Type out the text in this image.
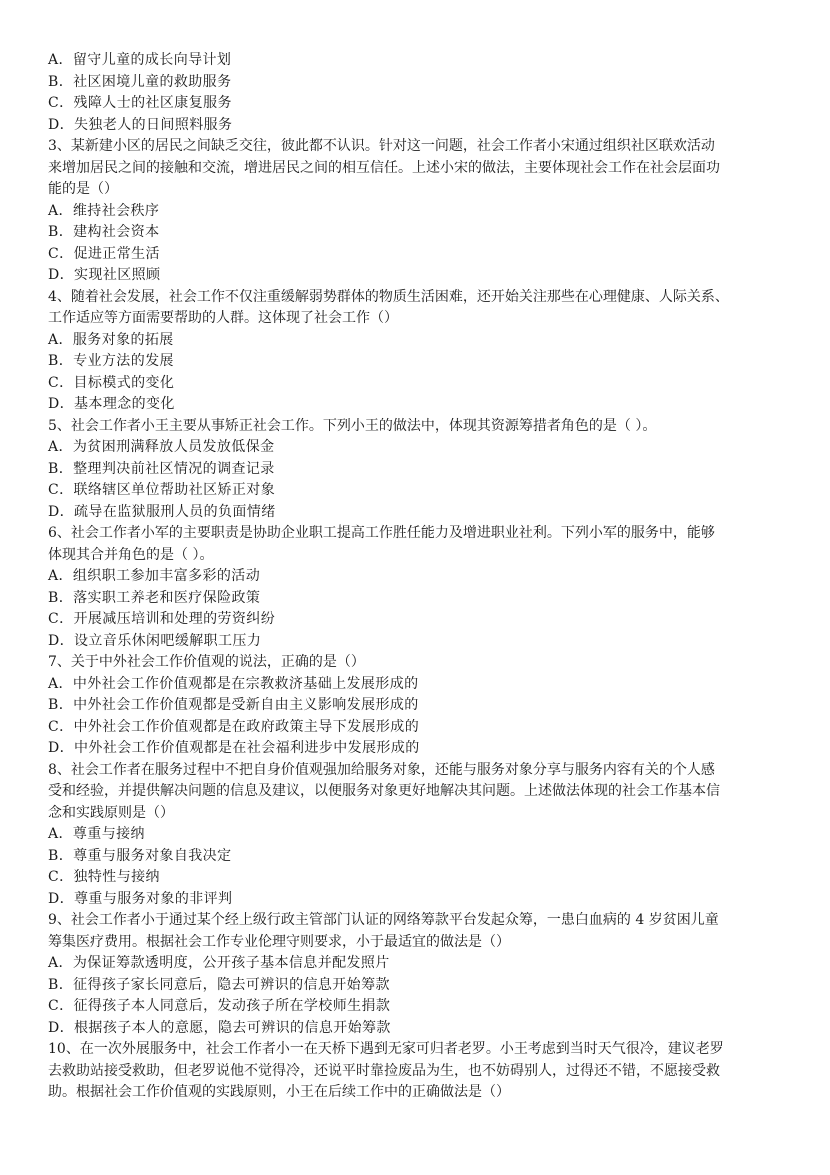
A．留守儿童的成长向导计划
B．社区困境儿童的救助服务
C．残障人士的社区康复服务
D．失独老人的日间照料服务
3、某新建小区的居民之间缺乏交往，彼此都不认识。针对这一问题，社会工作者小宋通过组织社区联欢活动
来增加居民之间的接触和交流，增进居民之间的相互信任。上述小宋的做法，主要体现社会工作在社会层面功
能的是（）
A．维持社会秩序
B．建构社会资本
C．促进正常生活
D．实现社区照顾
4、随着社会发展，社会工作不仅注重缓解弱势群体的物质生活困难，还开始关注那些在心理健康、人际关系、
工作适应等方面需要帮助的人群。这体现了社会工作（）
A．服务对象的拓展
B．专业方法的发展
C．目标模式的变化
D．基本理念的变化
5、社会工作者小王主要从事矫正社会工作。下列小王的做法中，体现其资源筹措者角色的是（ ）。
A．为贫困刑满释放人员发放低保金
B．整理判决前社区情况的调查记录
C．联络辖区单位帮助社区矫正对象
D．疏导在监狱服刑人员的负面情绪
6、社会工作者小军的主要职责是协助企业职工提高工作胜任能力及增进职业社利。下列小军的服务中，能够
体现其合并角色的是（ ）。
A．组织职工参加丰富多彩的活动
B．落实职工养老和医疗保险政策
C．开展减压培训和处理的劳资纠纷
D．设立音乐休闲吧缓解职工压力
7、关于中外社会工作价值观的说法，正确的是（）
A．中外社会工作价值观都是在宗教救济基础上发展形成的
B．中外社会工作价值观都是受新自由主义影响发展形成的
C．中外社会工作价值观都是在政府政策主导下发展形成的
D．中外社会工作价值观都是在社会福利进步中发展形成的
8、社会工作者在服务过程中不把自身价值观强加给服务对象，还能与服务对象分享与服务内容有关的个人感
受和经验，并提供解决问题的信息及建议，以便服务对象更好地解决其问题。上述做法体现的社会工作基本信
念和实践原则是（）
A．尊重与接纳
B．尊重与服务对象自我决定
C．独特性与接纳
D．尊重与服务对象的非评判
9、社会工作者小于通过某个经上级行政主管部门认证的网络筹款平台发起众筹，一患白血病的 4 岁贫困儿童
筹集医疗费用。根据社会工作专业伦理守则要求，小于最适宜的做法是（）
A．为保证筹款透明度，公开孩子基本信息并配发照片
B．征得孩子家长同意后，隐去可辨识的信息开始筹款
C．征得孩子本人同意后，发动孩子所在学校师生捐款
D．根据孩子本人的意愿，隐去可辨识的信息开始筹款
10、在一次外展服务中，社会工作者小一在天桥下遇到无家可归者老罗。小王考虑到当时天气很冷，建议老罗
去救助站接受救助，但老罗说他不觉得冷，还说平时靠捡废品为生，也不妨碍别人，过得还不错，不愿接受救
助。根据社会工作价值观的实践原则，小王在后续工作中的正确做法是（）
